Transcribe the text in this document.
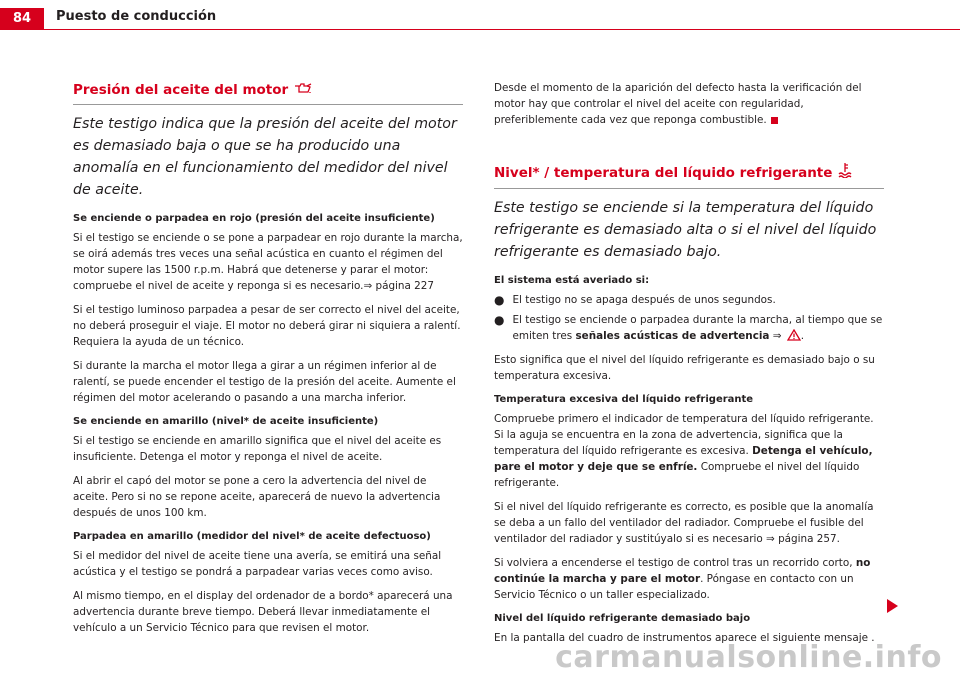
84	Puesto de conducción
Presión del aceite del motor

Este testigo indica que la presión del aceite del motor es demasiado baja o que se ha producido una anomalía en el funcionamiento del medidor del nivel de aceite.

Se enciende o parpadea en rojo (presión del aceite insuficiente)

Si el testigo se enciende o se pone a parpadear en rojo durante la marcha, se oirá además tres veces una señal acústica en cuanto el régimen del motor supere las 1500 r.p.m. Habrá que detenerse y parar el motor: compruebe el nivel de aceite y reponga si es necesario.⇒ página 227

Si el testigo luminoso parpadea a pesar de ser correcto el nivel del aceite, no deberá proseguir el viaje. El motor no deberá girar ni siquiera a ralentí. Requiera la ayuda de un técnico.

Si durante la marcha el motor llega a girar a un régimen inferior al de ralentí, se puede encender el testigo de la presión del aceite. Aumente el régimen del motor acelerando o pasando a una marcha inferior.

Se enciende en amarillo (nivel* de aceite insuficiente)

Si el testigo se enciende en amarillo significa que el nivel del aceite es insuficiente. Detenga el motor y reponga el nivel de aceite.

Al abrir el capó del motor se pone a cero la advertencia del nivel de aceite. Pero si no se repone aceite, aparecerá de nuevo la advertencia después de unos 100 km.

Parpadea en amarillo (medidor del nivel* de aceite defectuoso)

Si el medidor del nivel de aceite tiene una avería, se emitirá una señal acústica y el testigo se pondrá a parpadear varias veces como aviso.

Al mismo tiempo, en el display del ordenador de a bordo* aparecerá una advertencia durante breve tiempo. Deberá llevar inmediatamente el vehículo a un Servicio Técnico para que revisen el motor.

Desde el momento de la aparición del defecto hasta la verificación del motor hay que controlar el nivel del aceite con regularidad, preferiblemente cada vez que reponga combustible.

Nivel* / temperatura del líquido refrigerante

Este testigo se enciende si la temperatura del líquido refrigerante es demasiado alta o si el nivel del líquido refrigerante es demasiado bajo.

El sistema está averiado si:
● El testigo no se apaga después de unos segundos.
● El testigo se enciende o parpadea durante la marcha, al tiempo que se emiten tres señales acústicas de advertencia ⇒ .

Esto significa que el nivel del líquido refrigerante es demasiado bajo o su temperatura excesiva.

Temperatura excesiva del líquido refrigerante

Compruebe primero el indicador de temperatura del líquido refrigerante. Si la aguja se encuentra en la zona de advertencia, significa que la temperatura del líquido refrigerante es excesiva. Detenga el vehículo, pare el motor y deje que se enfríe. Compruebe el nivel del líquido refrigerante.

Si el nivel del líquido refrigerante es correcto, es posible que la anomalía se deba a un fallo del ventilador del radiador. Compruebe el fusible del ventilador del radiador y sustitúyalo si es necesario ⇒ página 257.

Si volviera a encenderse el testigo de control tras un recorrido corto, no continúe la marcha y pare el motor. Póngase en contacto con un Servicio Técnico o un taller especializado.

Nivel del líquido refrigerante demasiado bajo

En la pantalla del cuadro de instrumentos aparece el siguiente mensaje .

carmanualsonline.info
